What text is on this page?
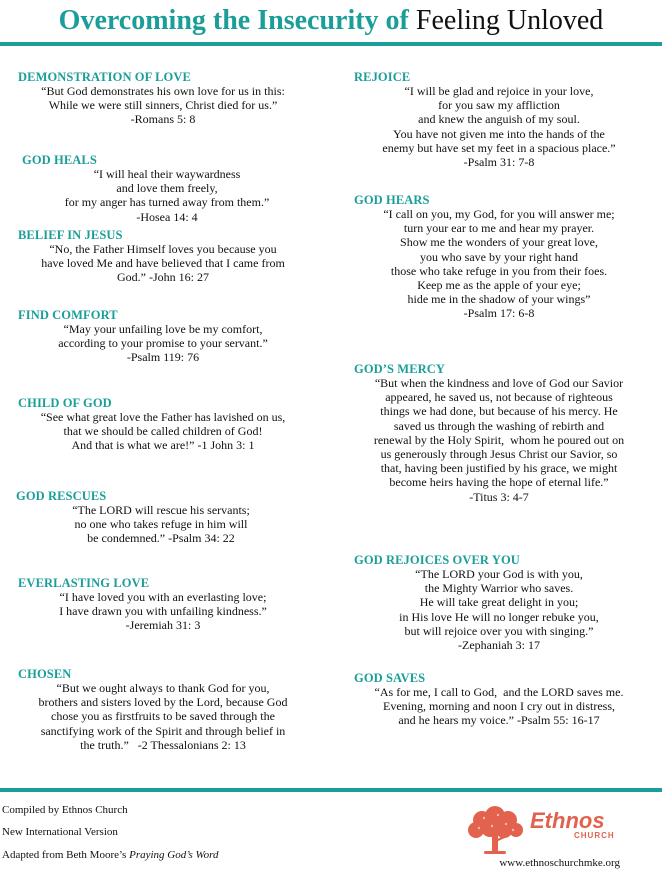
Overcoming the Insecurity of Feeling Unloved
DEMONSTRATION OF LOVE
“But God demonstrates his own love for us in this:
While we were still sinners, Christ died for us.”
-Romans 5: 8
GOD HEALS
“I will heal their waywardness
and love them freely,
for my anger has turned away from them.”
-Hosea 14: 4
BELIEF IN JESUS
“No, the Father Himself loves you because you
have loved Me and have believed that I came from
God.” -John 16: 27
FIND COMFORT
“May your unfailing love be my comfort,
according to your promise to your servant.”
-Psalm 119: 76
CHILD OF GOD
“See what great love the Father has lavished on us,
that we should be called children of God!
And that is what we are!” -1 John 3: 1
GOD RESCUES
“The LORD will rescue his servants;
no one who takes refuge in him will
be condemned.” -Psalm 34: 22
EVERLASTING LOVE
“I have loved you with an everlasting love;
I have drawn you with unfailing kindness.”
-Jeremiah 31: 3
CHOSEN
“But we ought always to thank God for you,
brothers and sisters loved by the Lord, because God
chose you as firstfruits to be saved through the
sanctifying work of the Spirit and through belief in
the truth.”   -2 Thessalonians 2: 13
REJOICE
“I will be glad and rejoice in your love,
for you saw my affliction
and knew the anguish of my soul.
You have not given me into the hands of the
enemy but have set my feet in a spacious place.”
-Psalm 31: 7-8
GOD HEARS
“I call on you, my God, for you will answer me;
turn your ear to me and hear my prayer.
Show me the wonders of your great love,
you who save by your right hand
those who take refuge in you from their foes.
Keep me as the apple of your eye;
hide me in the shadow of your wings”
-Psalm 17: 6-8
GOD’S MERCY
“But when the kindness and love of God our Savior
appeared, he saved us, not because of righteous
things we had done, but because of his mercy. He
saved us through the washing of rebirth and
renewal by the Holy Spirit,  whom he poured out on
us generously through Jesus Christ our Savior, so
that, having been justified by his grace, we might
become heirs having the hope of eternal life.”
-Titus 3: 4-7
GOD REJOICES OVER YOU
“The LORD your God is with you,
the Mighty Warrior who saves.
He will take great delight in you;
in His love He will no longer rebuke you,
but will rejoice over you with singing.”
-Zephaniah 3: 17
GOD SAVES
“As for me, I call to God,  and the LORD saves me.
Evening, morning and noon I cry out in distress,
and he hears my voice.” -Psalm 55: 16-17
Compiled by Ethnos Church
New International Version
Adapted from Beth Moore’s Praying God’s Word
Ethnos
CHURCH
www.ethnoschurchmke.org
